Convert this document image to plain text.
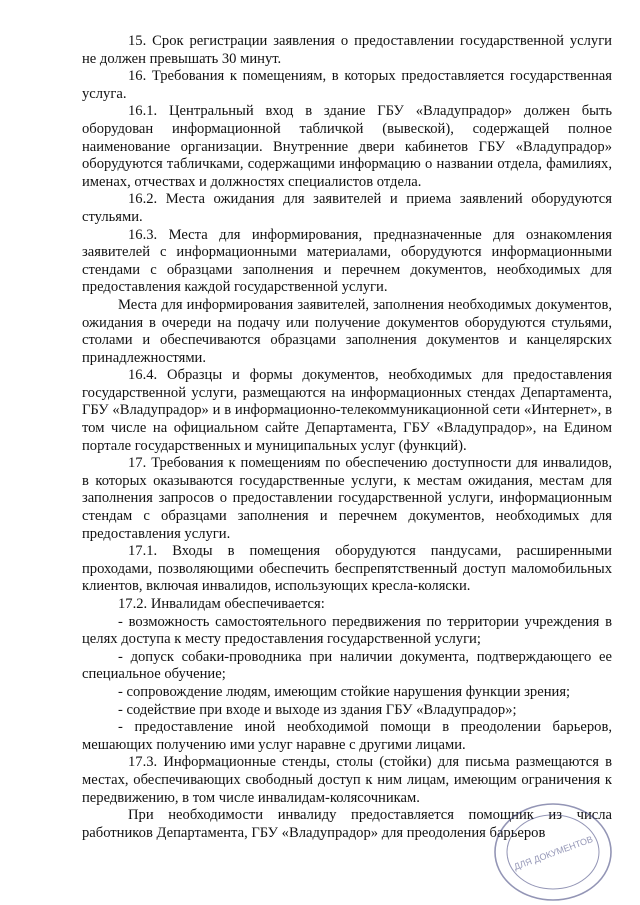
15. Срок регистрации заявления о предоставлении государственной услуги не должен превышать 30 минут.

16. Требования к помещениям, в которых предоставляется государственная услуга.

16.1. Центральный вход в здание ГБУ «Владупрадор» должен быть оборудован информационной табличкой (вывеской), содержащей полное наименование организации. Внутренние двери кабинетов ГБУ «Владупрадор» оборудуются табличками, содержащими информацию о названии отдела, фамилиях, именах, отчествах и должностях специалистов отдела.

16.2. Места ожидания для заявителей и приема заявлений оборудуются стульями.

16.3. Места для информирования, предназначенные для ознакомления заявителей с информационными материалами, оборудуются информационными стендами с образцами заполнения и перечнем документов, необходимых для предоставления каждой государственной услуги.

Места для информирования заявителей, заполнения необходимых документов, ожидания в очереди на подачу или получение документов оборудуются стульями, столами и обеспечиваются образцами заполнения документов и канцелярских принадлежностями.

16.4. Образцы и формы документов, необходимых для предоставления государственной услуги, размещаются на информационных стендах Департамента, ГБУ «Владупрадор» и в информационно-телекоммуникационной сети «Интернет», в том числе на официальном сайте Департамента, ГБУ «Владупрадор», на Едином портале государственных и муниципальных услуг (функций).

17. Требования к помещениям по обеспечению доступности для инвалидов, в которых оказываются государственные услуги, к местам ожидания, местам для заполнения запросов о предоставлении государственной услуги, информационным стендам с образцами заполнения и перечнем документов, необходимых для предоставления услуги.

17.1. Входы в помещения оборудуются пандусами, расширенными проходами, позволяющими обеспечить беспрепятственный доступ маломобильных клиентов, включая инвалидов, использующих кресла-коляски.

17.2. Инвалидам обеспечивается:

- возможность самостоятельного передвижения по территории учреждения в целях доступа к месту предоставления государственной услуги;

- допуск собаки-проводника при наличии документа, подтверждающего ее специальное обучение;

- сопровождение людям, имеющим стойкие нарушения функции зрения;

- содействие при входе и выходе из здания ГБУ «Владупрадор»;

- предоставление иной необходимой помощи в преодолении барьеров, мешающих получению ими услуг наравне с другими лицами.

17.3. Информационные стенды, столы (стойки) для письма размещаются в местах, обеспечивающих свободный доступ к ним лицам, имеющим ограничения к передвижению, в том числе инвалидам-колясочникам.

При необходимости инвалиду предоставляется помощник из числа работников Департамента, ГБУ «Владупрадор» для преодоления барьеров

ДЛЯ ДОКУМЕНТОВ
